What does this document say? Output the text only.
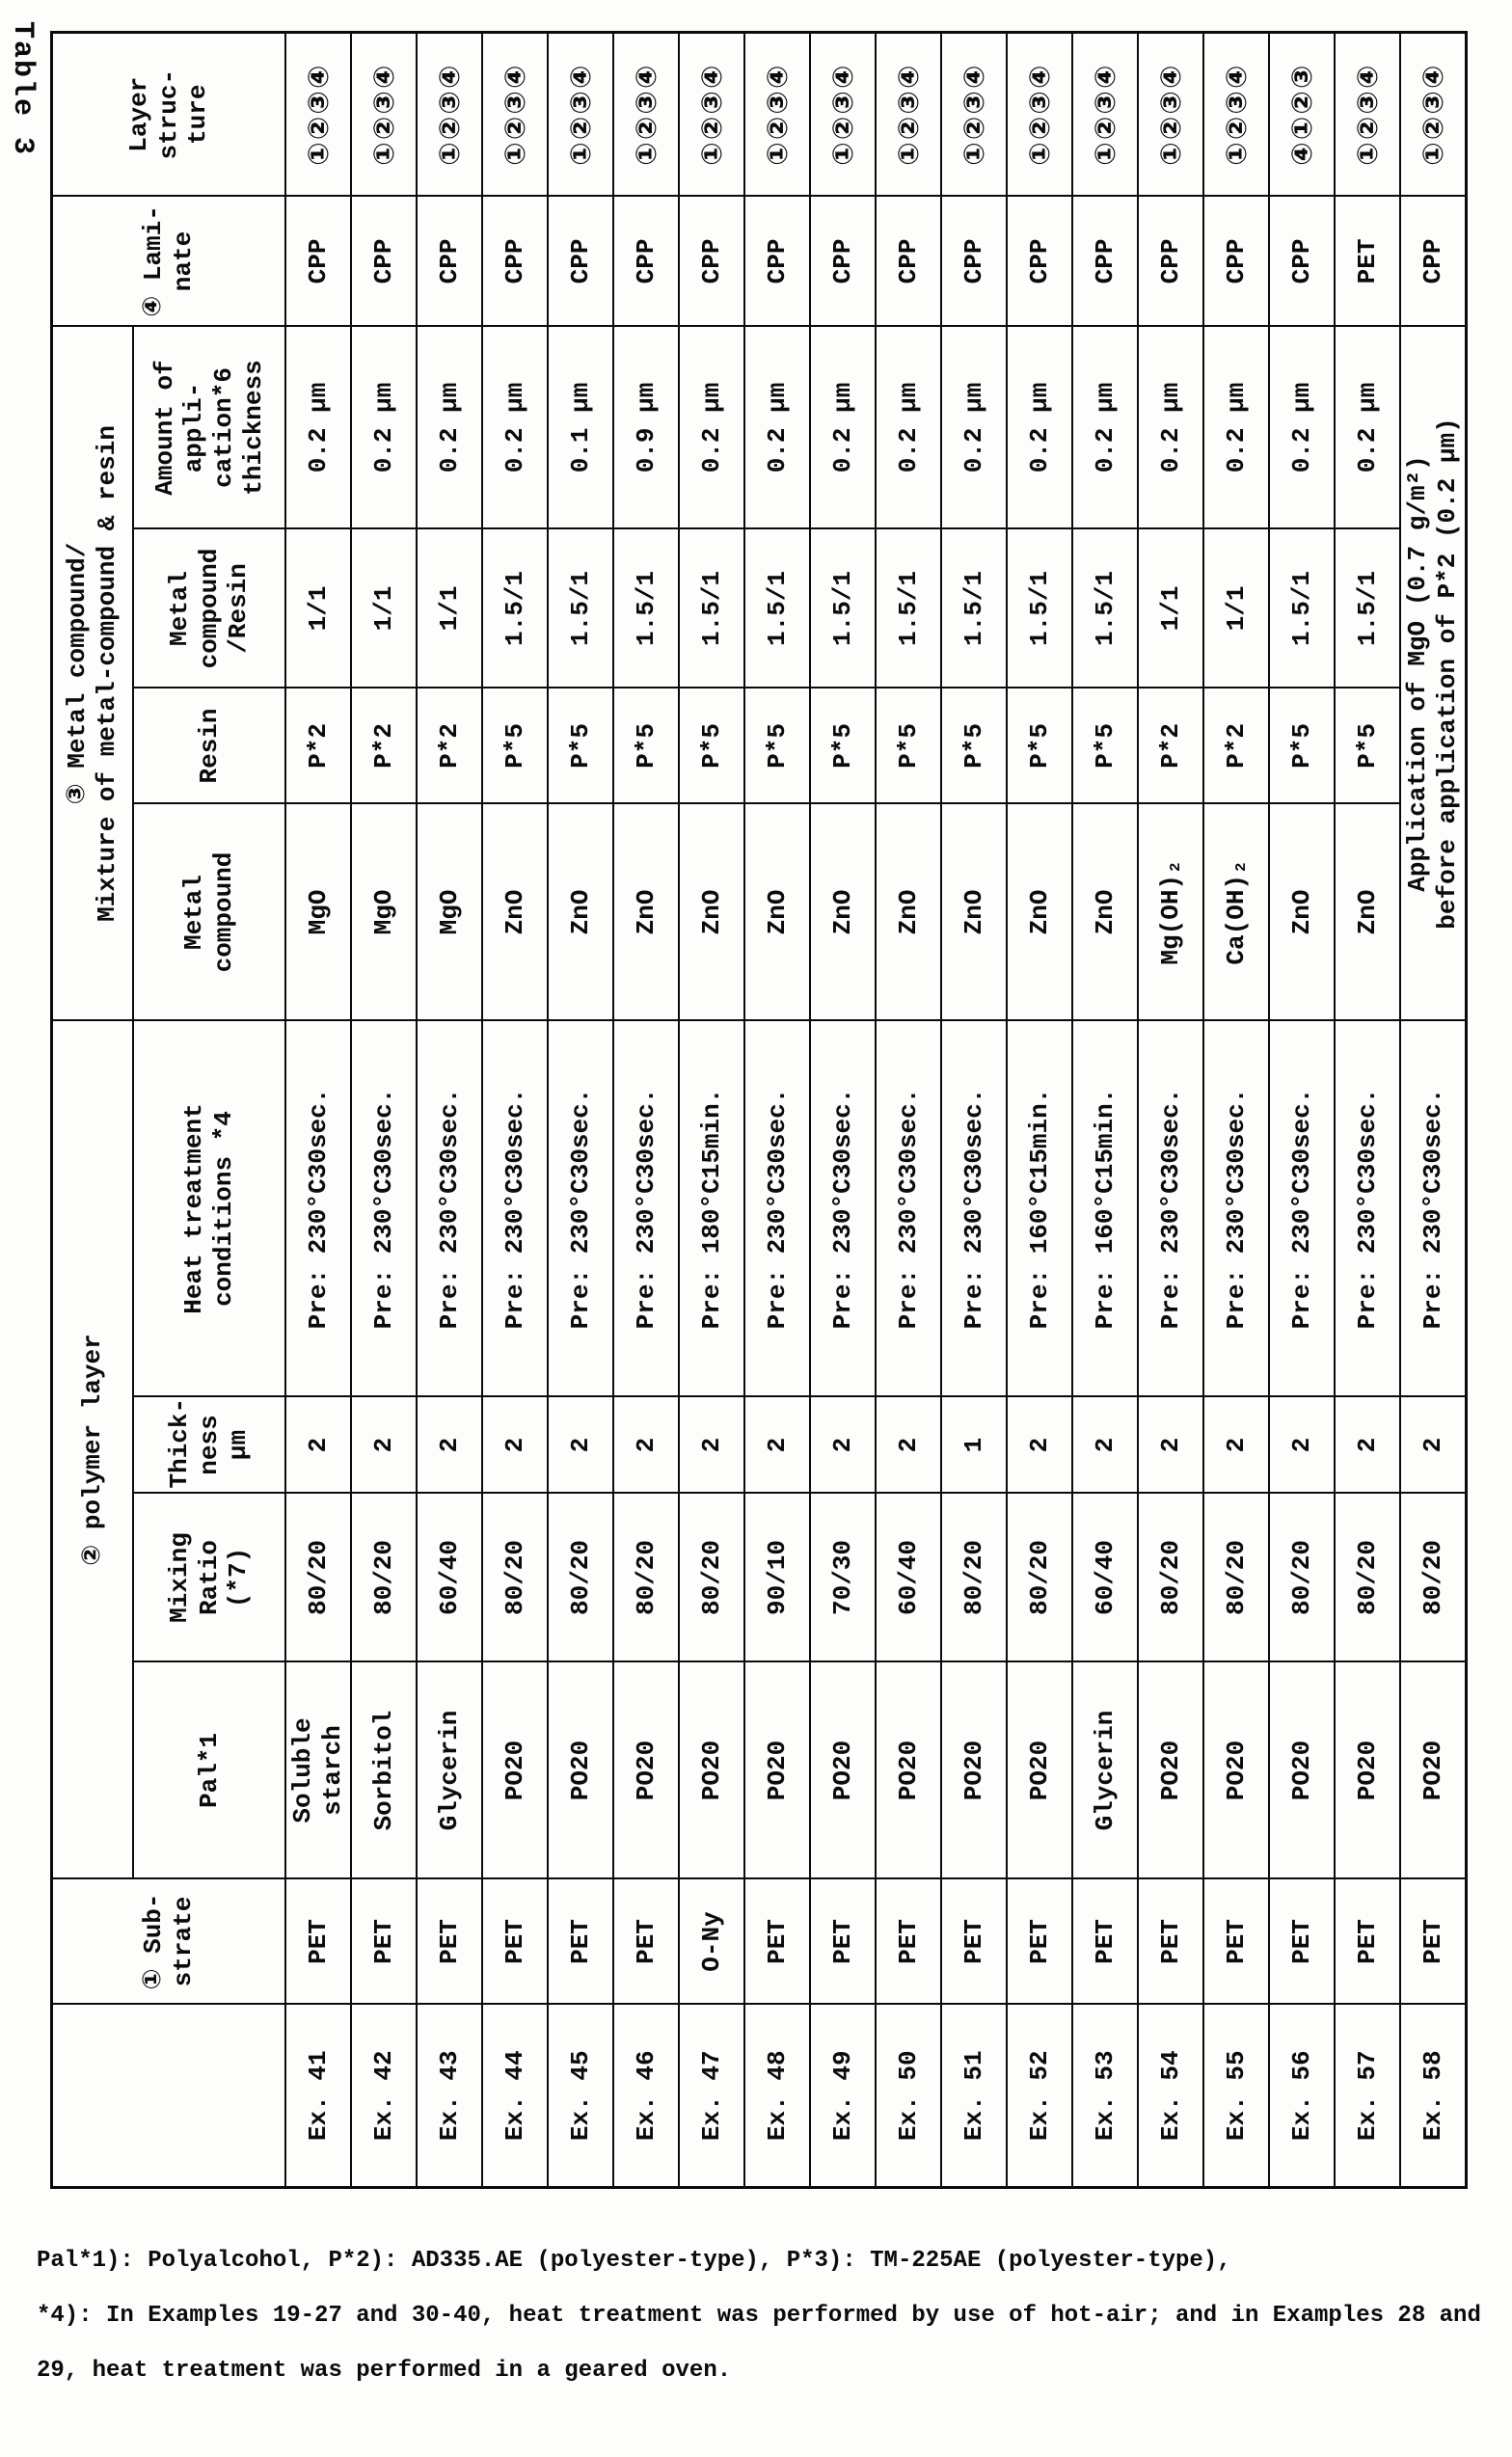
Table 3
	① Sub-
strate	② polymer layer				③ Metal compound/
Mixture of metal-compound & resin				④ Lami-
nate	Layer
struc-
ture
		Pal*1	Mixing
Ratio
(*7)	Thick-
ness
µm	Heat treatment
conditions *4	Metal
compound	Resin	Metal
compound
/Resin	Amount of
appli-
cation*6
thickness		
Ex. 41	PET	Soluble
starch	80/20	2	Pre: 230°C30sec.	MgO	P*2	1/1	0.2 µm	CPP	①②③④
Ex. 42	PET	Sorbitol	80/20	2	Pre: 230°C30sec.	MgO	P*2	1/1	0.2 µm	CPP	①②③④
Ex. 43	PET	Glycerin	60/40	2	Pre: 230°C30sec.	MgO	P*2	1/1	0.2 µm	CPP	①②③④
Ex. 44	PET	PO20	80/20	2	Pre: 230°C30sec.	ZnO	P*5	1.5/1	0.2 µm	CPP	①②③④
Ex. 45	PET	PO20	80/20	2	Pre: 230°C30sec.	ZnO	P*5	1.5/1	0.1 µm	CPP	①②③④
Ex. 46	PET	PO20	80/20	2	Pre: 230°C30sec.	ZnO	P*5	1.5/1	0.9 µm	CPP	①②③④
Ex. 47	O-Ny	PO20	80/20	2	Pre: 180°C15min.	ZnO	P*5	1.5/1	0.2 µm	CPP	①②③④
Ex. 48	PET	PO20	90/10	2	Pre: 230°C30sec.	ZnO	P*5	1.5/1	0.2 µm	CPP	①②③④
Ex. 49	PET	PO20	70/30	2	Pre: 230°C30sec.	ZnO	P*5	1.5/1	0.2 µm	CPP	①②③④
Ex. 50	PET	PO20	60/40	2	Pre: 230°C30sec.	ZnO	P*5	1.5/1	0.2 µm	CPP	①②③④
Ex. 51	PET	PO20	80/20	1	Pre: 230°C30sec.	ZnO	P*5	1.5/1	0.2 µm	CPP	①②③④
Ex. 52	PET	PO20	80/20	2	Pre: 160°C15min.	ZnO	P*5	1.5/1	0.2 µm	CPP	①②③④
Ex. 53	PET	Glycerin	60/40	2	Pre: 160°C15min.	ZnO	P*5	1.5/1	0.2 µm	CPP	①②③④
Ex. 54	PET	PO20	80/20	2	Pre: 230°C30sec.	Mg(OH)₂	P*2	1/1	0.2 µm	CPP	①②③④
Ex. 55	PET	PO20	80/20	2	Pre: 230°C30sec.	Ca(OH)₂	P*2	1/1	0.2 µm	CPP	①②③④
Ex. 56	PET	PO20	80/20	2	Pre: 230°C30sec.	ZnO	P*5	1.5/1	0.2 µm	CPP	④①②③
Ex. 57	PET	PO20	80/20	2	Pre: 230°C30sec.	ZnO	P*5	1.5/1	0.2 µm	PET	①②③④
Ex. 58	PET	PO20	80/20	2	Pre: 230°C30sec.	Application of MgO (0.7 g/m²)
before application of P*2 (0.2 µm)				CPP	①②③④
Pal*1): Polyalcohol, P*2): AD335.AE (polyester-type), P*3): TM-225AE (polyester-type),
*4): In Examples 19-27 and 30-40, heat treatment was performed by use of hot-air; and in Examples 28 and
29, heat treatment was performed in a geared oven.
